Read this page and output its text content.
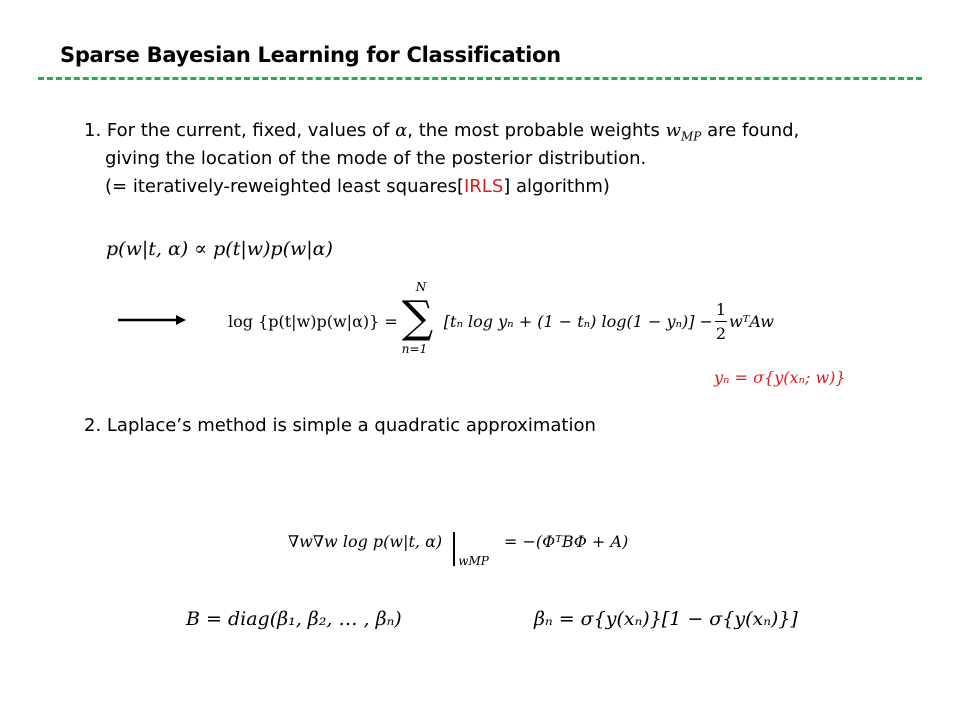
Sparse Bayesian Learning for Classification
1. For the current, fixed, values of α, the most probable weights $w_{MP}$ are found,
giving the location of the mode of the posterior distribution.
(= iteratively-reweighted least squares[IRLS] algorithm)
p(w|t, α) ∝ p(t|w)p(w|α)
log {p(t|w)p(w|α)} =
N
∑
n=1
[tₙ log yₙ + (1 − tₙ) $\log(1 - y_n)] - \frac{1}{2}$ wᵀAw
yₙ = σ{y(xₙ; w)}
2. Laplace’s method is simple a quadratic approximation
∇w∇w log p(w|t, α) $_{wMP}$ = −(ΦᵀBΦ + A)
B = diag(β₁, β₂, … , βₙ)	βₙ = σ{y(xₙ)}[1 − σ{y(xₙ)}]
